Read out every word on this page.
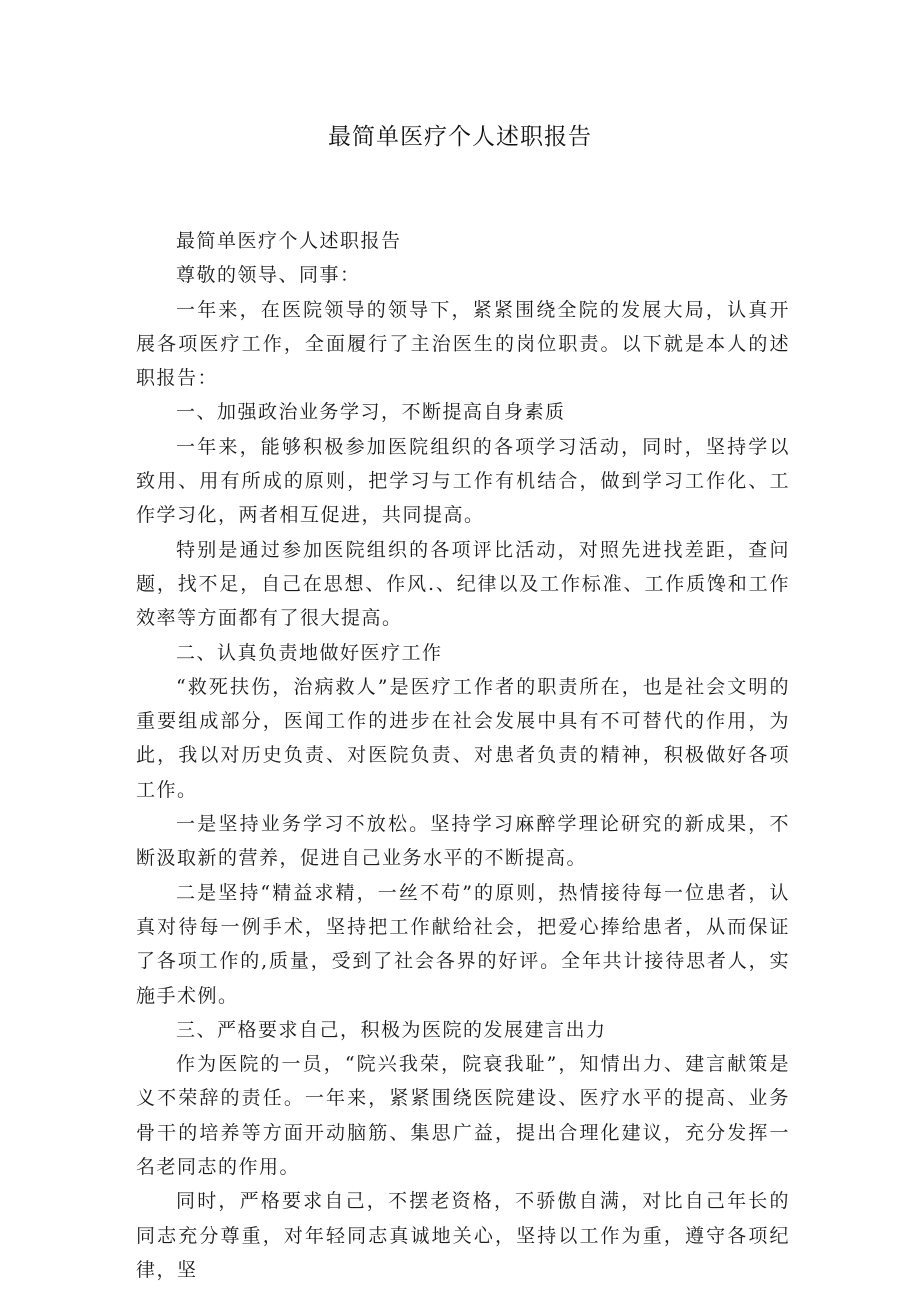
最简单医疗个人述职报告

最简单医疗个人述职报告

尊敬的领导、同事：

一年来，在医院领导的领导下，紧紧围绕全院的发展大局，认真开展各项医疗工作，全面履行了主治医生的岗位职责。以下就是本人的述职报告：

一、加强政治业务学习，不断提高自身素质

一年来，能够积极参加医院组织的各项学习活动，同时，坚持学以致用、用有所成的原则，把学习与工作有机结合，做到学习工作化、工作学习化，两者相互促进，共同提高。

特别是通过参加医院组织的各项评比活动，对照先进找差距，查问题，找不足，自己在思想、作风.、纪律以及工作标准、工作质馋和工作效率等方面都有了很大提高。

二、认真负责地做好医疗工作

“救死扶伤，治病救人”是医疗工作者的职责所在，也是社会文明的重要组成部分，医闻工作的进步在社会发展中具有不可替代的作用，为此，我以对历史负责、对医院负责、对患者负责的精神，积极做好各项工作。

一是坚持业务学习不放松。坚持学习麻醉学理论研究的新成果，不断汲取新的营养，促进自己业务水平的不断提高。

二是坚持“精益求精，一丝不苟”的原则，热情接待每一位患者，认真对待每一例手术，坚持把工作献给社会，把爱心捧给患者，从而保证了各项工作的,质量，受到了社会各界的好评。全年共计接待思者人，实施手术例。

三、严格要求自己，积极为医院的发展建言出力

作为医院的一员，“院兴我荣，院衰我耻”，知情出力、建言献策是义不荣辞的责任。一年来，紧紧围绕医院建设、医疗水平的提高、业务骨干的培养等方面开动脑筋、集思广益，提出合理化建议，充分发挥一名老同志的作用。

同时，严格要求自己，不摆老资格，不骄傲自满，对比自己年长的同志充分尊重，对年轻同志真诚地关心，坚持以工作为重，遵守各项纪律，坚
